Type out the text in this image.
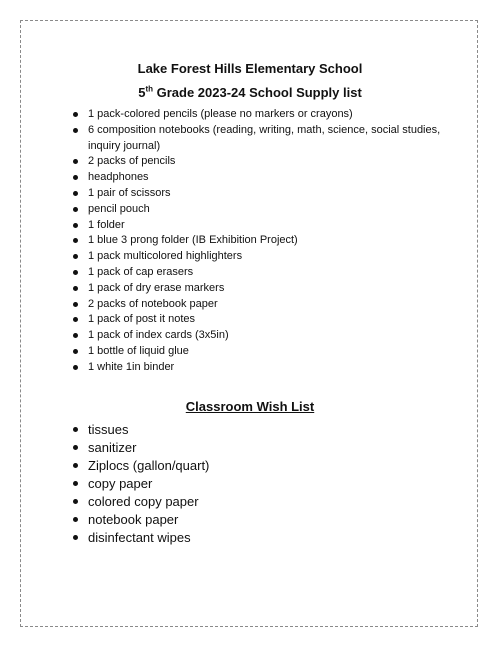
Lake Forest Hills Elementary School
5th Grade 2023-24 School Supply list
1 pack-colored pencils (please no markers or crayons)
6 composition notebooks (reading, writing, math, science, social studies, inquiry journal)
2 packs of pencils
headphones
1 pair of scissors
pencil pouch
1 folder
1 blue 3 prong folder (IB Exhibition Project)
1 pack multicolored highlighters
1 pack of cap erasers
1 pack of dry erase markers
2 packs of notebook paper
1 pack of post it notes
1 pack of index cards (3x5in)
1 bottle of liquid glue
1 white 1in binder
Classroom Wish List
tissues
sanitizer
Ziplocs (gallon/quart)
copy paper
colored copy paper
notebook paper
disinfectant wipes
